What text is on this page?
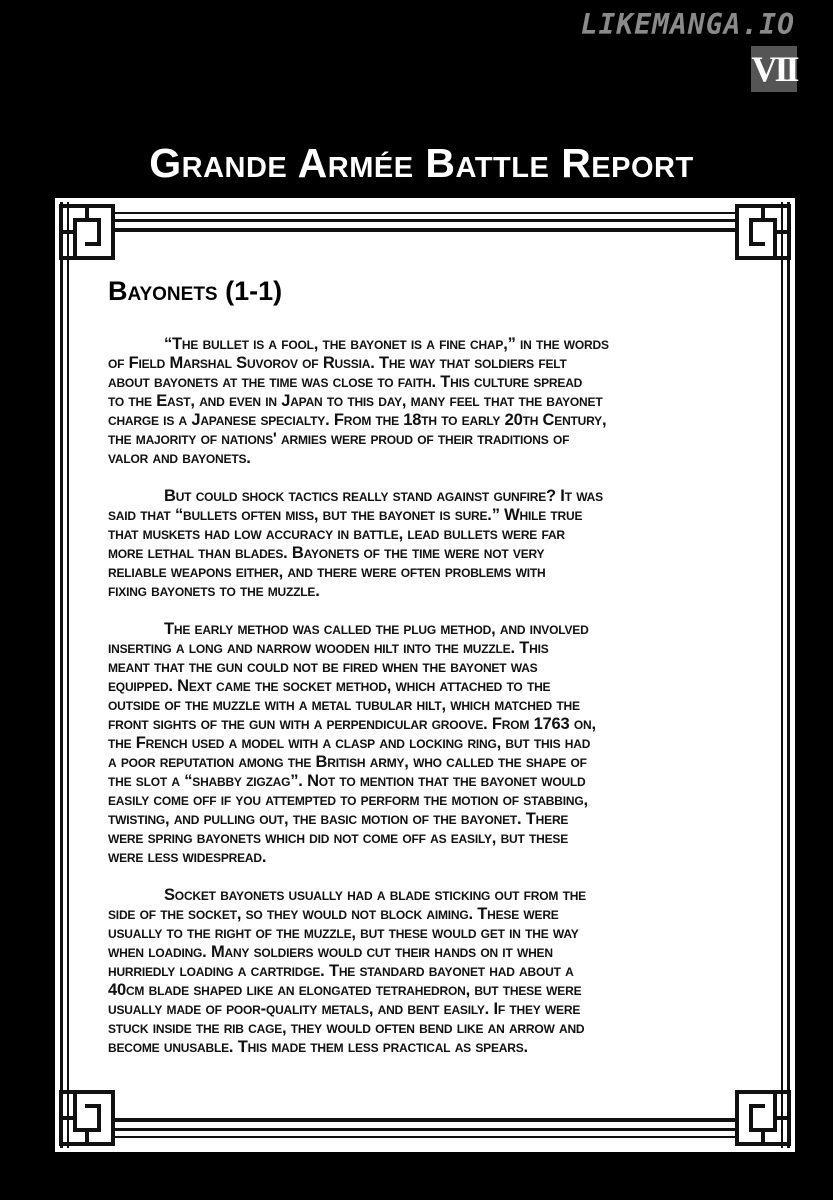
LIKEMANGA.IO
VII
Grande Armée Battle Report
Bayonets (1-1)
“The bullet is a fool, the bayonet is a fine chap,” in the words
of Field Marshal Suvorov of Russia. The way that soldiers felt
about bayonets at the time was close to faith. This culture spread
to the East, and even in Japan to this day, many feel that the bayonet
charge is a Japanese specialty. From the 18th to early 20th Century,
the majority of nations' armies were proud of their traditions of
valor and bayonets.
But could shock tactics really stand against gunfire? It was
said that “bullets often miss, but the bayonet is sure.” While true
that muskets had low accuracy in battle, lead bullets were far
more lethal than blades. Bayonets of the time were not very
reliable weapons either, and there were often problems with
fixing bayonets to the muzzle.
The early method was called the plug method, and involved
inserting a long and narrow wooden hilt into the muzzle. This
meant that the gun could not be fired when the bayonet was
equipped. Next came the socket method, which attached to the
outside of the muzzle with a metal tubular hilt, which matched the
front sights of the gun with a perpendicular groove. From 1763 on,
the French used a model with a clasp and locking ring, but this had
a poor reputation among the British army, who called the shape of
the slot a “shabby zigzag”. Not to mention that the bayonet would
easily come off if you attempted to perform the motion of stabbing,
twisting, and pulling out, the basic motion of the bayonet. There
were spring bayonets which did not come off as easily, but these
were less widespread.
Socket bayonets usually had a blade sticking out from the
side of the socket, so they would not block aiming. These were
usually to the right of the muzzle, but these would get in the way
when loading. Many soldiers would cut their hands on it when
hurriedly loading a cartridge. The standard bayonet had about a
40cm blade shaped like an elongated tetrahedron, but these were
usually made of poor-quality metals, and bent easily. If they were
stuck inside the rib cage, they would often bend like an arrow and
become unusable. This made them less practical as spears.
